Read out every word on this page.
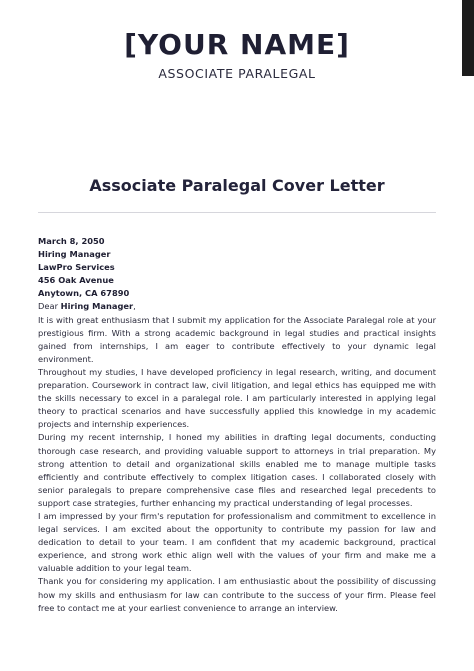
[YOUR NAME]
ASSOCIATE PARALEGAL
Associate Paralegal Cover Letter
March 8, 2050
Hiring Manager
LawPro Services
456 Oak Avenue
Anytown, CA 67890
Dear Hiring Manager,
It is with great enthusiasm that I submit my application for the Associate Paralegal role at your prestigious firm. With a strong academic background in legal studies and practical insights gained from internships, I am eager to contribute effectively to your dynamic legal environment.
Throughout my studies, I have developed proficiency in legal research, writing, and document preparation. Coursework in contract law, civil litigation, and legal ethics has equipped me with the skills necessary to excel in a paralegal role. I am particularly interested in applying legal theory to practical scenarios and have successfully applied this knowledge in my academic projects and internship experiences.
During my recent internship, I honed my abilities in drafting legal documents, conducting thorough case research, and providing valuable support to attorneys in trial preparation. My strong attention to detail and organizational skills enabled me to manage multiple tasks efficiently and contribute effectively to complex litigation cases. I collaborated closely with senior paralegals to prepare comprehensive case files and researched legal precedents to support case strategies, further enhancing my practical understanding of legal processes.
I am impressed by your firm's reputation for professionalism and commitment to excellence in legal services. I am excited about the opportunity to contribute my passion for law and dedication to detail to your team. I am confident that my academic background, practical experience, and strong work ethic align well with the values of your firm and make me a valuable addition to your legal team.
Thank you for considering my application. I am enthusiastic about the possibility of discussing how my skills and enthusiasm for law can contribute to the success of your firm. Please feel free to contact me at your earliest convenience to arrange an interview.
